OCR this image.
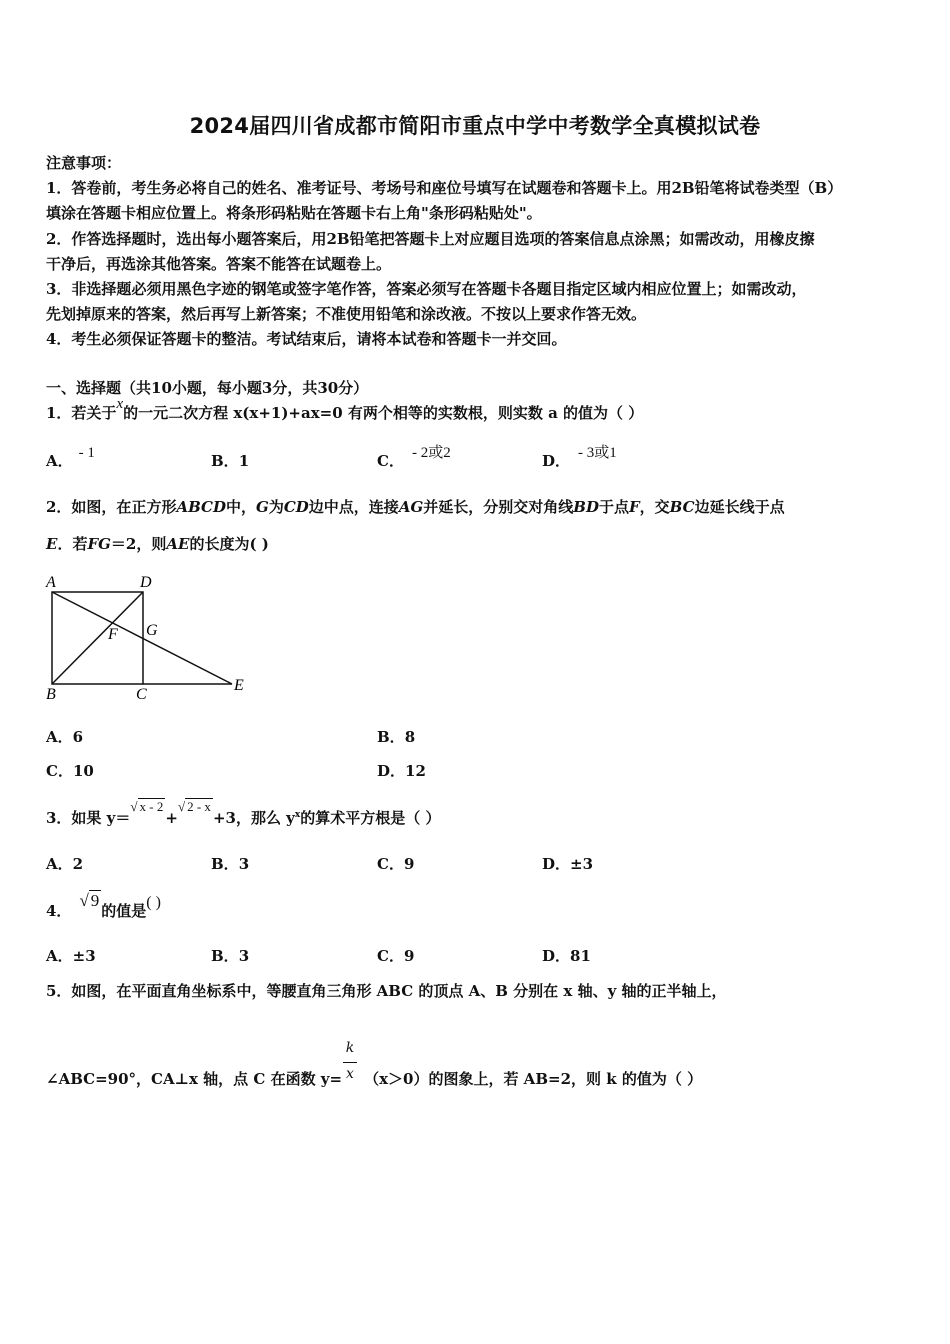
2024届四川省成都市简阳市重点中学中考数学全真模拟试卷
注意事项：
1．答卷前，考生务必将自己的姓名、准考证号、考场号和座位号填写在试题卷和答题卡上。用2B铅笔将试卷类型（B）
填涂在答题卡相应位置上。将条形码粘贴在答题卡右上角"条形码粘贴处"。
2．作答选择题时，选出每小题答案后，用2B铅笔把答题卡上对应题目选项的答案信息点涂黑；如需改动，用橡皮擦
干净后，再选涂其他答案。答案不能答在试题卷上。
3．非选择题必须用黑色字迹的钢笔或签字笔作答，答案必须写在答题卡各题目指定区域内相应位置上；如需改动，
先划掉原来的答案，然后再写上新答案；不准使用铅笔和涂改液。不按以上要求作答无效。
4．考生必须保证答题卡的整洁。考试结束后，请将本试卷和答题卡一并交回。
一、选择题（共10小题，每小题3分，共30分）
1．若关于x的一元二次方程 x(x+1)+ax=0 有两个相等的实数根，则实数 a 的值为（ ）
A． - 1	B．1	C． - 2或2	D． - 3或1
2．如图，在正方形ABCD中，G为CD边中点，连接AG并延长，分别交对角线BD于点F，交BC边延长线于点
E．若FG＝2，则AE的长度为( )
A	D
F G
B	C
E
A．6	B．8
C．10	D．12
3．如果 y＝√ x - 2+√ 2 - x+3，那么 $y^x$的算术平方根是（ ）
A．2	B．3	C．9	D．±3
4．√ 9的值是( )
A．±3	B．3	C．9	D．81
5．如图，在平面直角坐标系中，等腰直角三角形 ABC 的顶点 A、B 分别在 x 轴、y 轴的正半轴上，
k
x
∠ABC=90°，CA⊥x 轴，点 C 在函数 y= （x＞0）的图象上，若 AB=2，则 k 的值为（ ）
